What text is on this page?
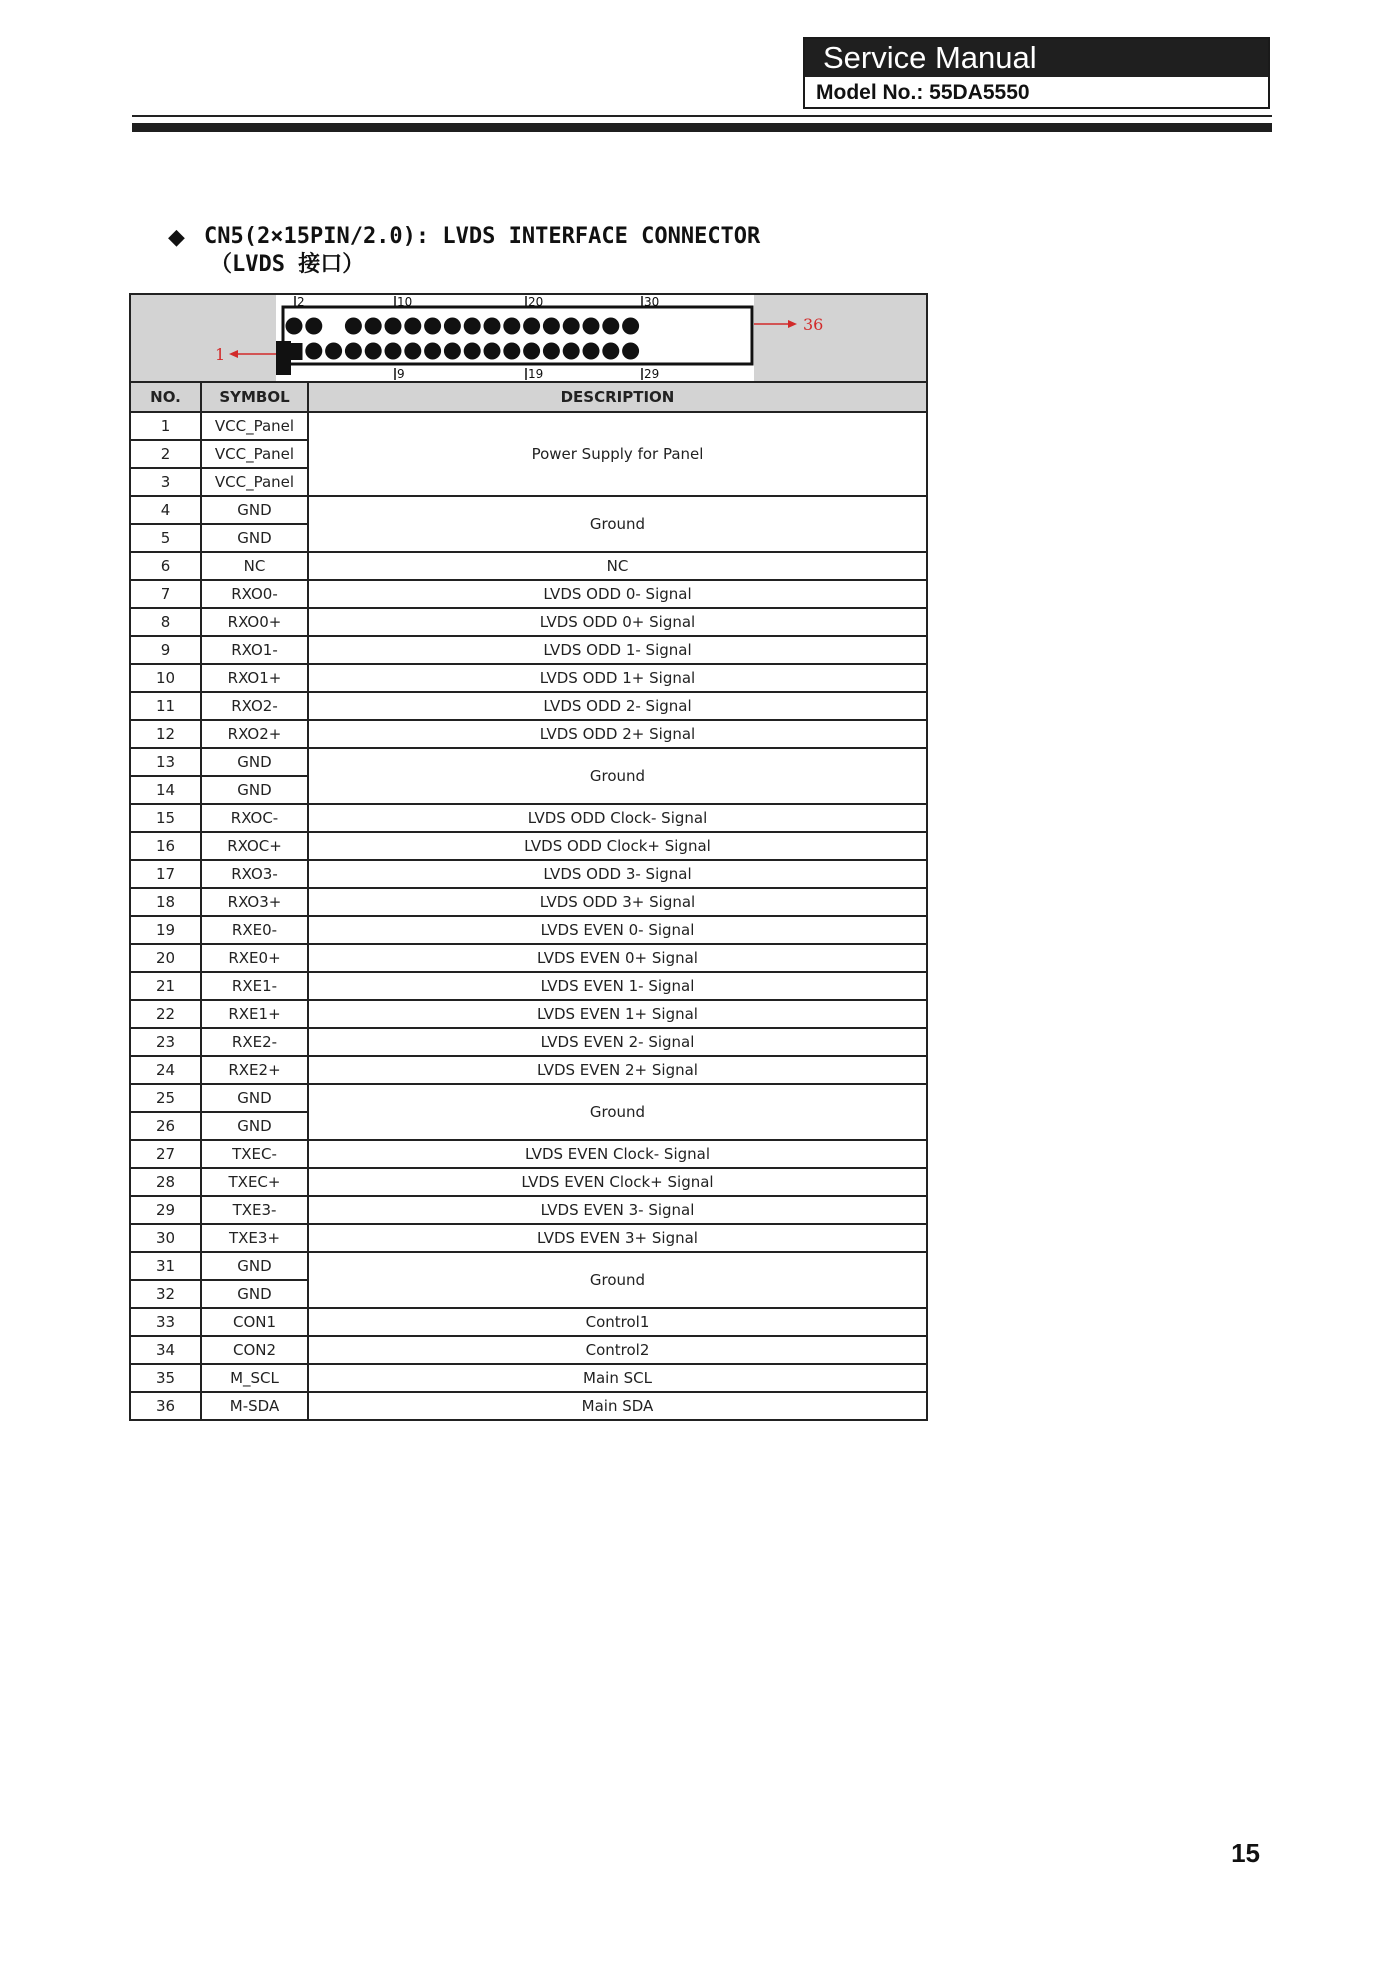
Service Manual
Model No.: 55DA5550
◆ CN5(2×15PIN/2.0): LVDS INTERFACE CONNECTOR
（LVDS 接口）
2	10	20	30
9	19	29
1
36
NO.	SYMBOL	DESCRIPTION
1	VCC_Panel	Power Supply for Panel
2	VCC_Panel	
3	VCC_Panel	
4	GND	Ground
5	GND	
6	NC	NC
7	RXO0-	LVDS ODD 0- Signal
8	RXO0+	LVDS ODD 0+ Signal
9	RXO1-	LVDS ODD 1- Signal
10	RXO1+	LVDS ODD 1+ Signal
11	RXO2-	LVDS ODD 2- Signal
12	RXO2+	LVDS ODD 2+ Signal
13	GND	Ground
14	GND	
15	RXOC-	LVDS ODD Clock- Signal
16	RXOC+	LVDS ODD Clock+ Signal
17	RXO3-	LVDS ODD 3- Signal
18	RXO3+	LVDS ODD 3+ Signal
19	RXE0-	LVDS EVEN 0- Signal
20	RXE0+	LVDS EVEN 0+ Signal
21	RXE1-	LVDS EVEN 1- Signal
22	RXE1+	LVDS EVEN 1+ Signal
23	RXE2-	LVDS EVEN 2- Signal
24	RXE2+	LVDS EVEN 2+ Signal
25	GND	Ground
26	GND	
27	TXEC-	LVDS EVEN Clock- Signal
28	TXEC+	LVDS EVEN Clock+ Signal
29	TXE3-	LVDS EVEN 3- Signal
30	TXE3+	LVDS EVEN 3+ Signal
31	GND	Ground
32	GND	
33	CON1	Control1
34	CON2	Control2
35	M_SCL	Main SCL
36	M-SDA	Main SDA
15
